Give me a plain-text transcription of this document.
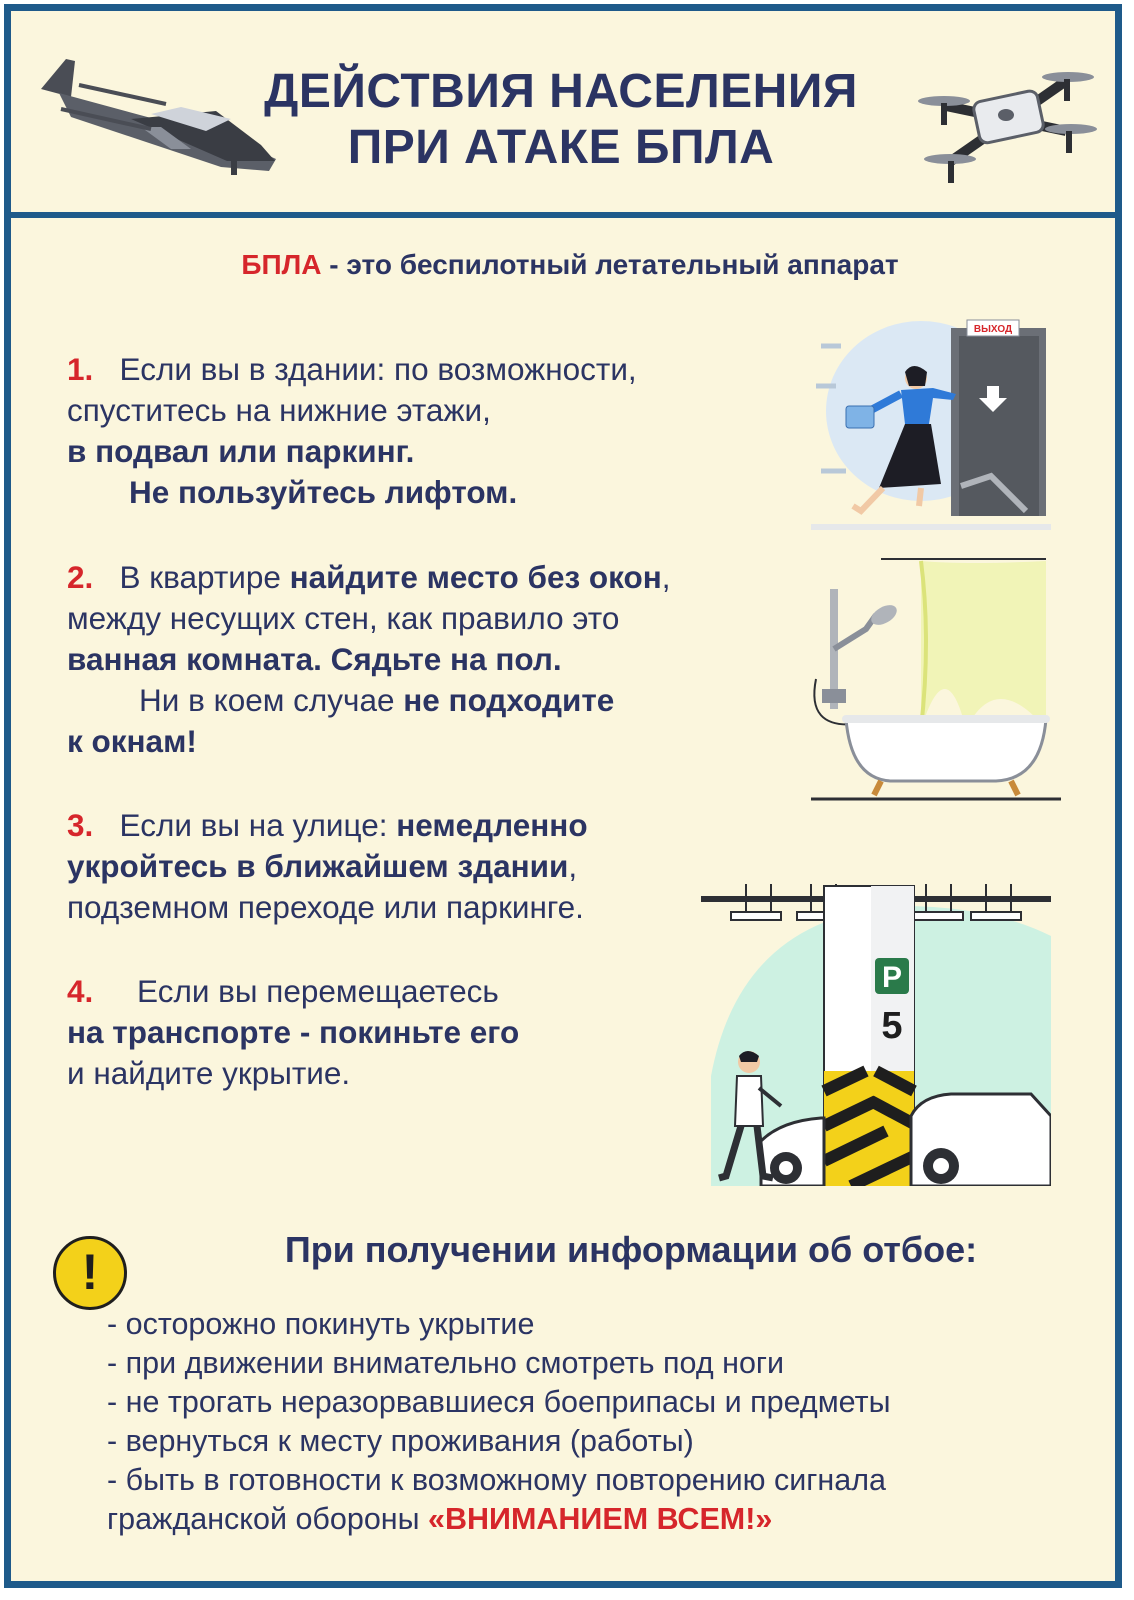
ДЕЙСТВИЯ НАСЕЛЕНИЯ
ПРИ АТАКЕ БПЛА
БПЛА - это беспилотный летательный аппарат
1. Если вы в здании: по возможности,
спуститесь на нижние этажи,
в подвал или паркинг.
Не пользуйтесь лифтом.
2. В квартире найдите место без окон,
между несущих стен, как правило это
ванная комната. Сядьте на пол.
Ни в коем случае не подходите
к окнам!
3. Если вы на улице: немедленно
укройтесь в ближайшем здании,
подземном переходе или паркинге.
4. Если вы перемещаетесь
на транспорте - покиньте его
и найдите укрытие.
ВЫХОД
P
5
!	При получении информации об отбое:
- осторожно покинуть укрытие
- при движении внимательно смотреть под ноги
- не трогать неразорвавшиеся боеприпасы и предметы
- вернуться к месту проживания (работы)
- быть в готовности к возможному повторению сигнала
гражданской обороны «ВНИМАНИЕМ ВСЕМ!»
